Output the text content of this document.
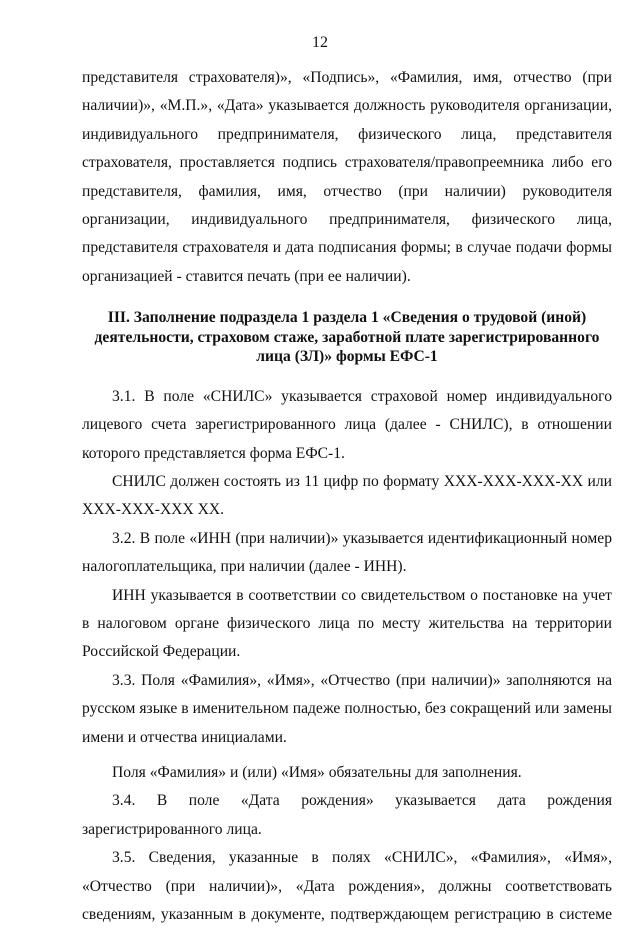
12

представителя страхователя)», «Подпись», «Фамилия, имя, отчество (при наличии)», «М.П.», «Дата» указывается должность руководителя организации, индивидуального предпринимателя, физического лица, представителя страхователя, проставляется подпись страхователя/правопреемника либо его представителя, фамилия, имя, отчество (при наличии) руководителя организации, индивидуального предпринимателя, физического лица, представителя страхователя и дата подписания формы; в случае подачи формы организацией - ставится печать (при ее наличии).

III. Заполнение подраздела 1 раздела 1 «Сведения о трудовой (иной) деятельности, страховом стаже, заработной плате зарегистрированного лица (ЗЛ)» формы ЕФС-1

3.1. В поле «СНИЛС» указывается страховой номер индивидуального лицевого счета зарегистрированного лица (далее - СНИЛС), в отношении которого представляется форма ЕФС-1.

СНИЛС должен состоять из 11 цифр по формату XXX-XXX-XXX-XX или XXX-XXX-XXX XX.

3.2. В поле «ИНН (при наличии)» указывается идентификационный номер налогоплательщика, при наличии (далее - ИНН).

ИНН указывается в соответствии со свидетельством о постановке на учет в налоговом органе физического лица по месту жительства на территории Российской Федерации.

3.3. Поля «Фамилия», «Имя», «Отчество (при наличии)» заполняются на русском языке в именительном падеже полностью, без сокращений или замены имени и отчества инициалами.

Поля «Фамилия» и (или) «Имя» обязательны для заполнения.

3.4. В поле «Дата рождения» указывается дата рождения зарегистрированного лица.

3.5. Сведения, указанные в полях «СНИЛС», «Фамилия», «Имя», «Отчество (при наличии)», «Дата рождения», должны соответствовать сведениям, указанным в документе, подтверждающем регистрацию в системе
